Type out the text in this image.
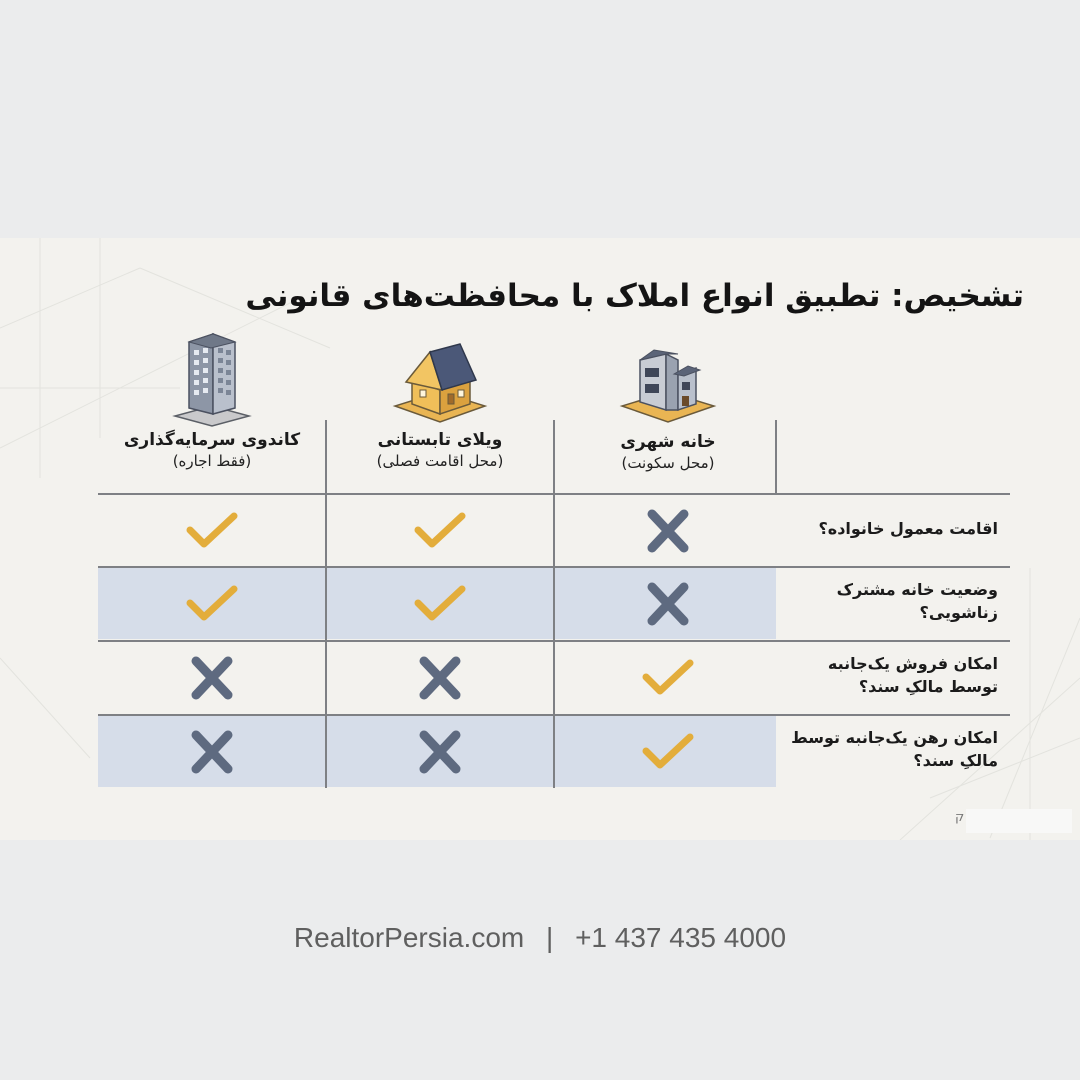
تشخیص: تطبیق انواع املاک با محافظت‌های قانونی
کاندوی سرمایه‌گذاری
(فقط اجاره)
ویلای تابستانی
(محل اقامت فصلی)
خانه شهری
(محل سکونت)
اقامت معمول خانواده؟
وضعیت خانه مشترک زناشویی؟
امکان فروش یک‌جانبه توسط مالکِ سند؟
امکان رهن یک‌جانبه توسط مالکِ سند؟
ק
RealtorPersia.com | +1 437 435 4000
